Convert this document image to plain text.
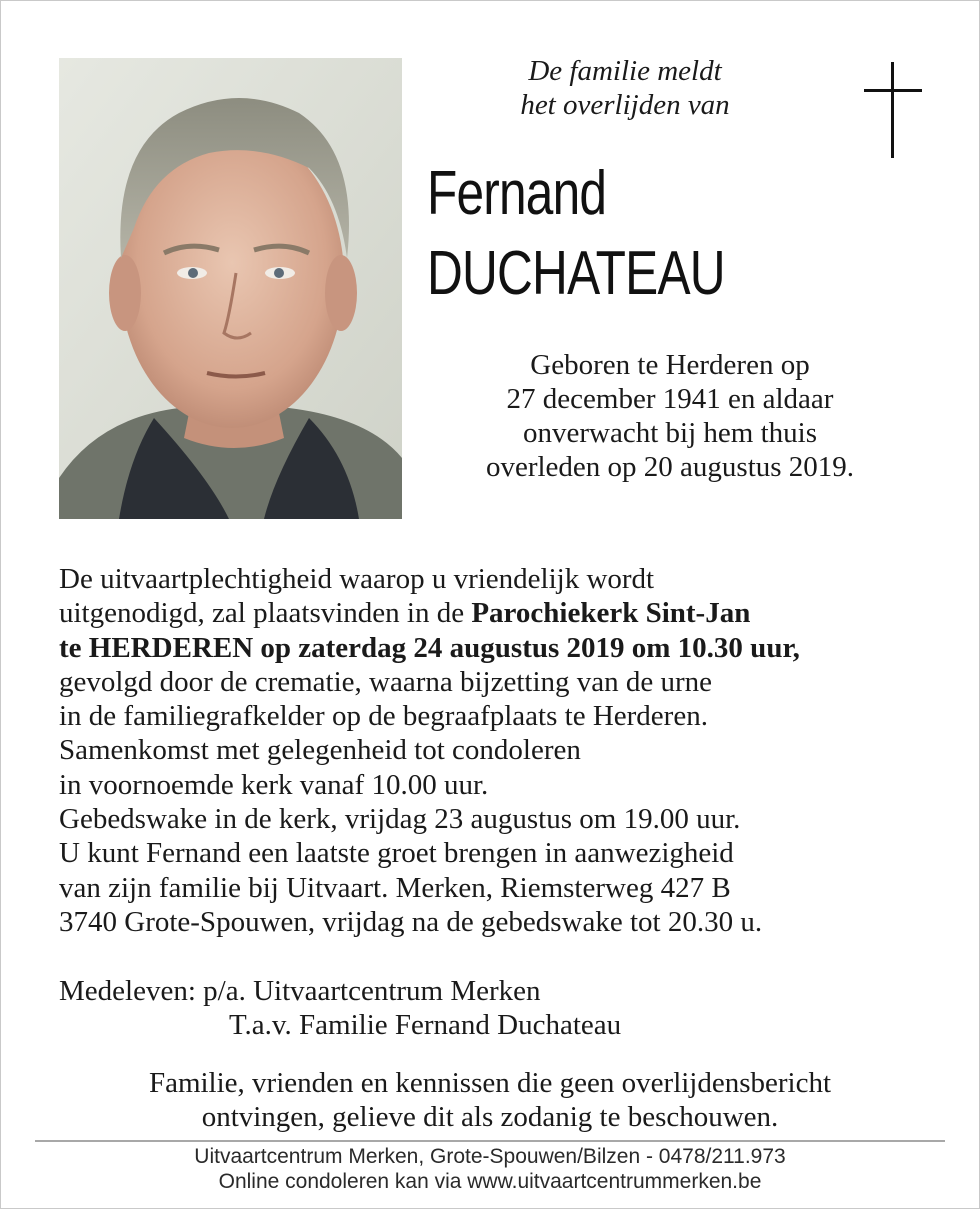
De familie meldt
het overlijden van
Fernand
DUCHATEAU
Geboren te Herderen op
27 december 1941 en aldaar
onverwacht bij hem thuis
overleden op 20 augustus 2019.
De uitvaartplechtigheid waarop u vriendelijk wordt
uitgenodigd, zal plaatsvinden in de Parochiekerk Sint-Jan
te HERDEREN op zaterdag 24 augustus 2019 om 10.30 uur,
gevolgd door de crematie, waarna bijzetting van de urne
in de familiegrafkelder op de begraafplaats te Herderen.
Samenkomst met gelegenheid tot condoleren
in voornoemde kerk vanaf 10.00 uur.
Gebedswake in de kerk, vrijdag 23 augustus om 19.00 uur.
U kunt Fernand een laatste groet brengen in aanwezigheid
van zijn familie bij Uitvaart. Merken, Riemsterweg 427 B
3740 Grote-Spouwen, vrijdag na de gebedswake tot 20.30 u.
Medeleven: p/a. Uitvaartcentrum Merken
T.a.v. Familie Fernand Duchateau
Familie, vrienden en kennissen die geen overlijdensbericht
ontvingen, gelieve dit als zodanig te beschouwen.
Uitvaartcentrum Merken, Grote-Spouwen/Bilzen - 0478/211.973
Online condoleren kan via www.uitvaartcentrummerken.be
